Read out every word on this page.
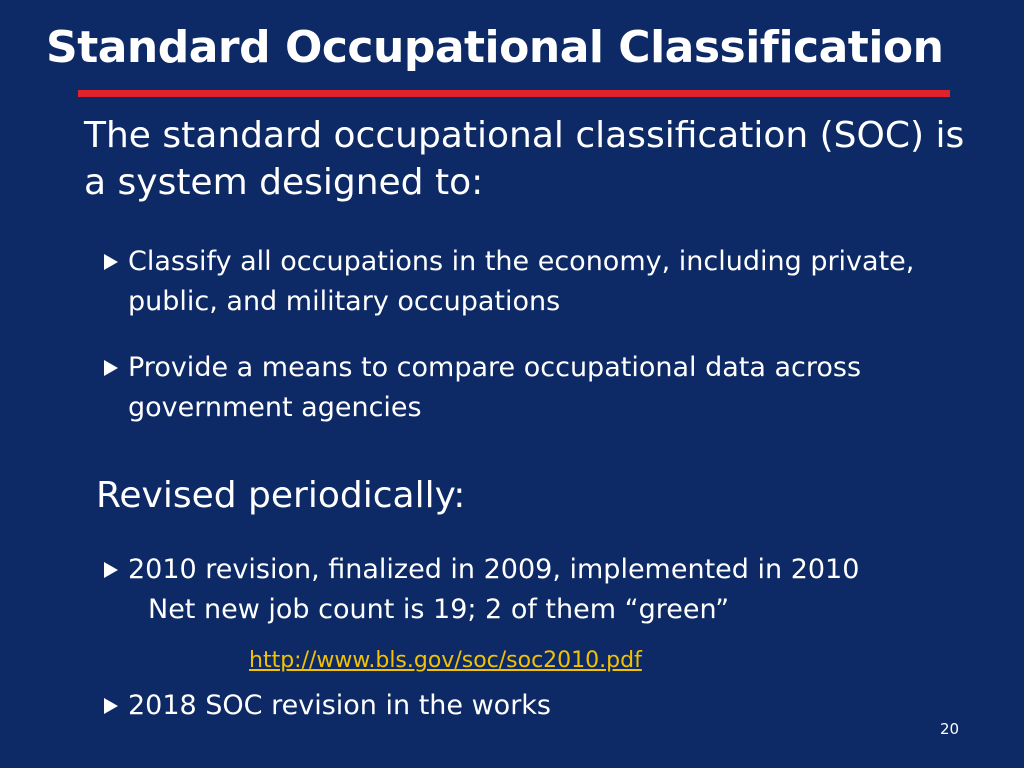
Standard Occupational Classification
The standard occupational classification (SOC) is a system designed to:
Classify all occupations in the economy, including private, public, and military occupations
Provide a means to compare occupational data across government agencies
Revised periodically:
2010 revision, finalized in 2009, implemented in 2010
Net new job count is 19; 2 of them “green”
http://www.bls.gov/soc/soc2010.pdf
2018 SOC revision in the works
20
